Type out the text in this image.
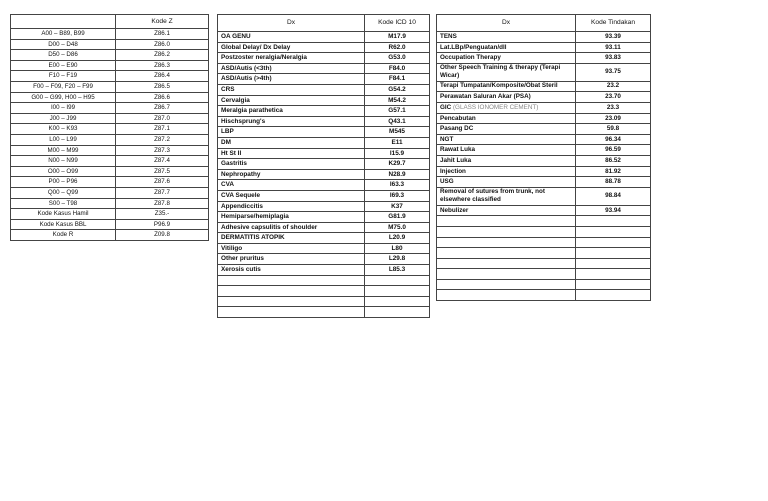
	Kode Z
A00 – B89, B99	Z86.1
D00 – D48	Z86.0
D50 – D86	Z86.2
E00 – E90	Z86.3
F10 – F19	Z86.4
F00 – F09, F20 – F99	Z86.5
G00 – G99, H00 – H95	Z86.6
I00 – I99	Z86.7
J00 – J99	Z87.0
K00 – K93	Z87.1
L00 – L99	Z87.2
M00 – M99	Z87.3
N00 – N99	Z87.4
O00 – O99	Z87.5
P00 – P96	Z87.6
Q00 – Q99	Z87.7
S00 – T98	Z87.8
Kode Kasus Hamil	Z35.-
Kode Kasus BBL	P96.9
Kode R	Z09.8
Dx	Kode ICD 10
OA GENU	M17.9
Global Delay/ Dx Delay	R62.0
Postzoster neralgia/Neralgia	G53.0
ASD/Autis (<3th)	F84.0
ASD/Autis (>4th)	F84.1
CRS	G54.2
Cervalgia	M54.2
Meralgia parathetica	G57.1
Hischsprung's	Q43.1
LBP	M545
DM	E11
Ht St II	I15.9
Gastritis	K29.7
Nephropathy	N28.9
CVA	I63.3
CVA Sequele	I69.3
Appendiccitis	K37
Hemiparse/hemiplagia	G81.9
Adhesive capsulitis of shoulder	M75.0
DERMATITIS ATOPIK	L20.9
Vitiligo	L80
Other pruritus	L29.8
Xerosis cutis	L85.3

Dx	Kode Tindakan
TENS	93.39
Lat.LBp/Penguatan/dll	93.11
Occupation Therapy	93.83
Other Speech Training & therapy (Terapi Wicar)	93.75
Terapi Tumpatan/Komposite/Obat Steril	23.2
Perawatan Saluran Akar (PSA)	23.70
GIC (GLASS IONOMER CEMENT)	23.3
Pencabutan	23.09
Pasang DC	59.8
NGT	96.34
Rawat Luka	96.59
Jahit Luka	86.52
Injection	81.92
USG	88.78
Removal of sutures from trunk, not elsewhere classified	98.84
Nebulizer	93.94
